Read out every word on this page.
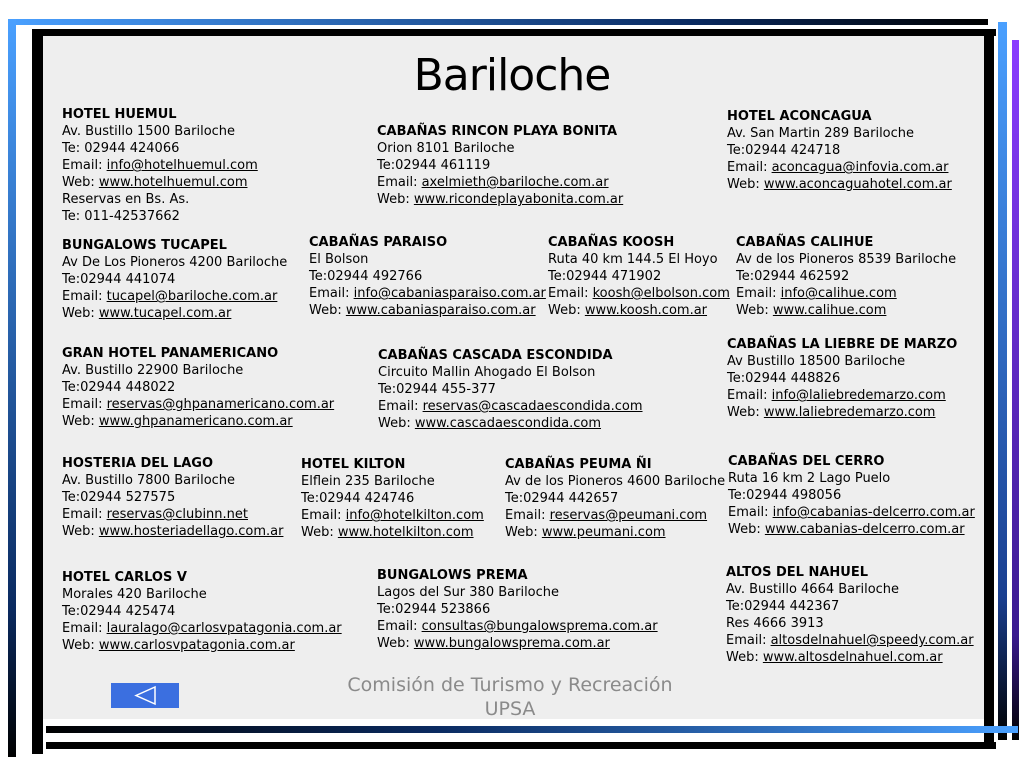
Bariloche
HOTEL HUEMUL
Av. Bustillo 1500 Bariloche
Te: 02944 424066
Email: info@hotelhuemul.com
Web: www.hotelhuemul.com
Reservas en Bs. As.
Te: 011-42537662
CABAÑAS RINCON PLAYA BONITA
Orion 8101 Bariloche
Te:02944 461119
Email: axelmieth@bariloche.com.ar
Web: www.ricondeplayabonita.com.ar
HOTEL ACONCAGUA
Av. San Martin 289 Bariloche
Te:02944 424718
Email: aconcagua@infovia.com.ar
Web: www.aconcaguahotel.com.ar
BUNGALOWS TUCAPEL
Av De Los Pioneros 4200 Bariloche
Te:02944 441074
Email: tucapel@bariloche.com.ar
Web: www.tucapel.com.ar
CABAÑAS PARAISO
El Bolson
Te:02944 492766
Email: info@cabaniasparaiso.com.ar
Web: www.cabaniasparaiso.com.ar
CABAÑAS KOOSH
Ruta 40 km 144.5 El Hoyo
Te:02944 471902
Email: koosh@elbolson.com
Web: www.koosh.com.ar
CABAÑAS CALIHUE
Av de los Pioneros 8539 Bariloche
Te:02944 462592
Email: info@calihue.com
Web: www.calihue.com
GRAN HOTEL PANAMERICANO
Av. Bustillo 22900 Bariloche
Te:02944 448022
Email: reservas@ghpanamericano.com.ar
Web: www.ghpanamericano.com.ar
CABAÑAS CASCADA ESCONDIDA
Circuito Mallin Ahogado El Bolson
Te:02944 455-377
Email: reservas@cascadaescondida.com
Web: www.cascadaescondida.com
CABAÑAS LA LIEBRE DE MARZO
Av Bustillo 18500 Bariloche
Te:02944 448826
Email: info@laliebredemarzo.com
Web: www.laliebredemarzo.com
HOSTERIA DEL LAGO
Av. Bustillo 7800 Bariloche
Te:02944 527575
Email: reservas@clubinn.net
Web: www.hosteriadellago.com.ar
HOTEL KILTON
Elflein 235 Bariloche
Te:02944 424746
Email: info@hotelkilton.com
Web: www.hotelkilton.com
CABAÑAS PEUMA ÑI
Av de los Pioneros 4600 Bariloche
Te:02944 442657
Email: reservas@peumani.com
Web: www.peumani.com
CABAÑAS DEL CERRO
Ruta 16 km 2 Lago Puelo
Te:02944 498056
Email: info@cabanias-delcerro.com.ar
Web: www.cabanias-delcerro.com.ar
HOTEL CARLOS V
Morales 420 Bariloche
Te:02944 425474
Email: lauralago@carlosvpatagonia.com.ar
Web: www.carlosvpatagonia.com.ar
BUNGALOWS PREMA
Lagos del Sur 380 Bariloche
Te:02944 523866
Email: consultas@bungalowsprema.com.ar
Web: www.bungalowsprema.com.ar
ALTOS DEL NAHUEL
Av. Bustillo 4664 Bariloche
Te:02944 442367
Res 4666 3913
Email: altosdelnahuel@speedy.com.ar
Web: www.altosdelnahuel.com.ar
Comisión de Turismo y Recreación
UPSA
